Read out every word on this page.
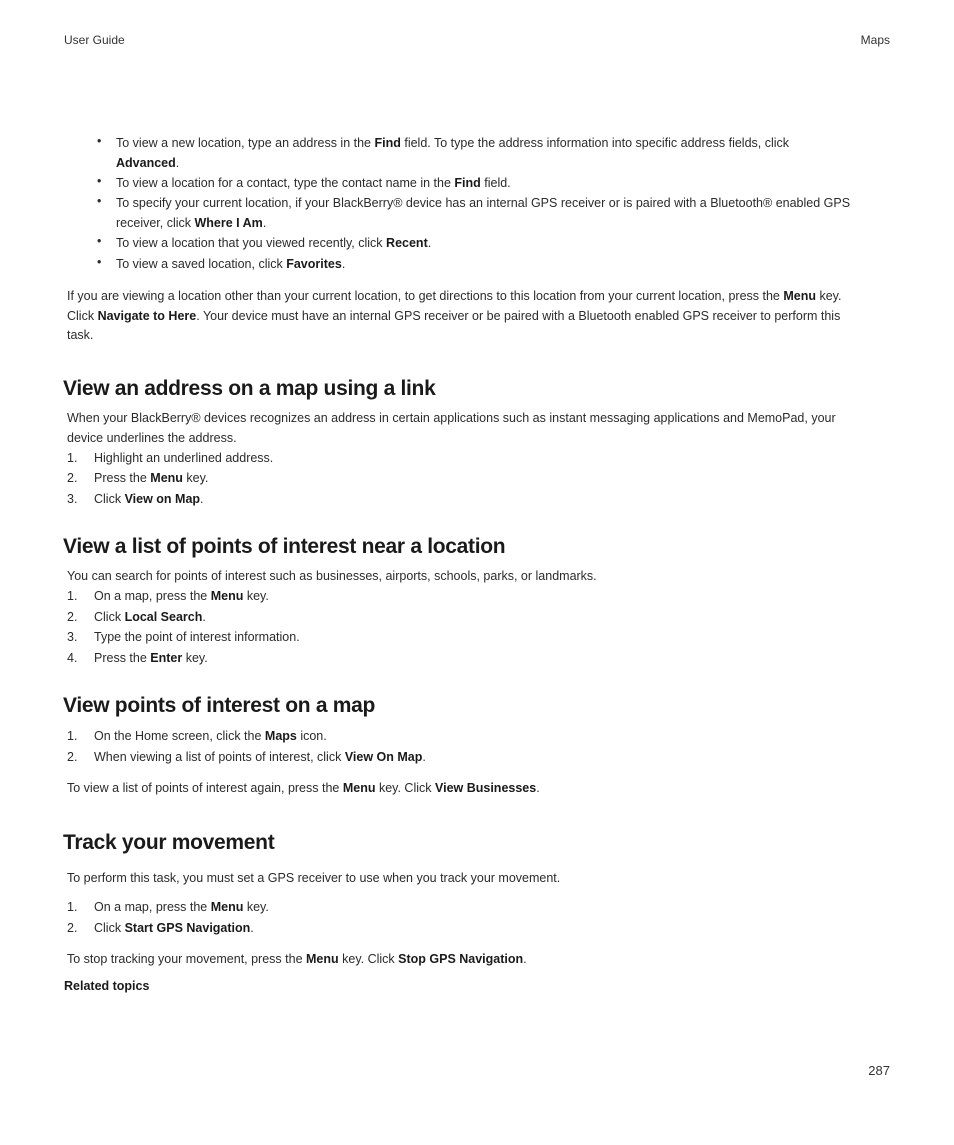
User Guide	Maps
• To view a new location, type an address in the Find field. To type the address information into specific address fields, click
Advanced.
• To view a location for a contact, type the contact name in the Find field.
• To specify your current location, if your BlackBerry® device has an internal GPS receiver or is paired with a Bluetooth® enabled GPS
receiver, click Where I Am.
• To view a location that you viewed recently, click Recent.
• To view a saved location, click Favorites.
If you are viewing a location other than your current location, to get directions to this location from your current location, press the Menu key.
Click Navigate to Here. Your device must have an internal GPS receiver or be paired with a Bluetooth enabled GPS receiver to perform this
task.
View an address on a map using a link
When your BlackBerry® devices recognizes an address in certain applications such as instant messaging applications and MemoPad, your
device underlines the address.
1. Highlight an underlined address.
2. Press the Menu key.
3. Click View on Map.
View a list of points of interest near a location
You can search for points of interest such as businesses, airports, schools, parks, or landmarks.
1. On a map, press the Menu key.
2. Click Local Search.
3. Type the point of interest information.
4. Press the Enter key.
View points of interest on a map
1. On the Home screen, click the Maps icon.
2. When viewing a list of points of interest, click View On Map.
To view a list of points of interest again, press the Menu key. Click View Businesses.
Track your movement
To perform this task, you must set a GPS receiver to use when you track your movement.
1. On a map, press the Menu key.
2. Click Start GPS Navigation.
To stop tracking your movement, press the Menu key. Click Stop GPS Navigation.
Related topics
287
